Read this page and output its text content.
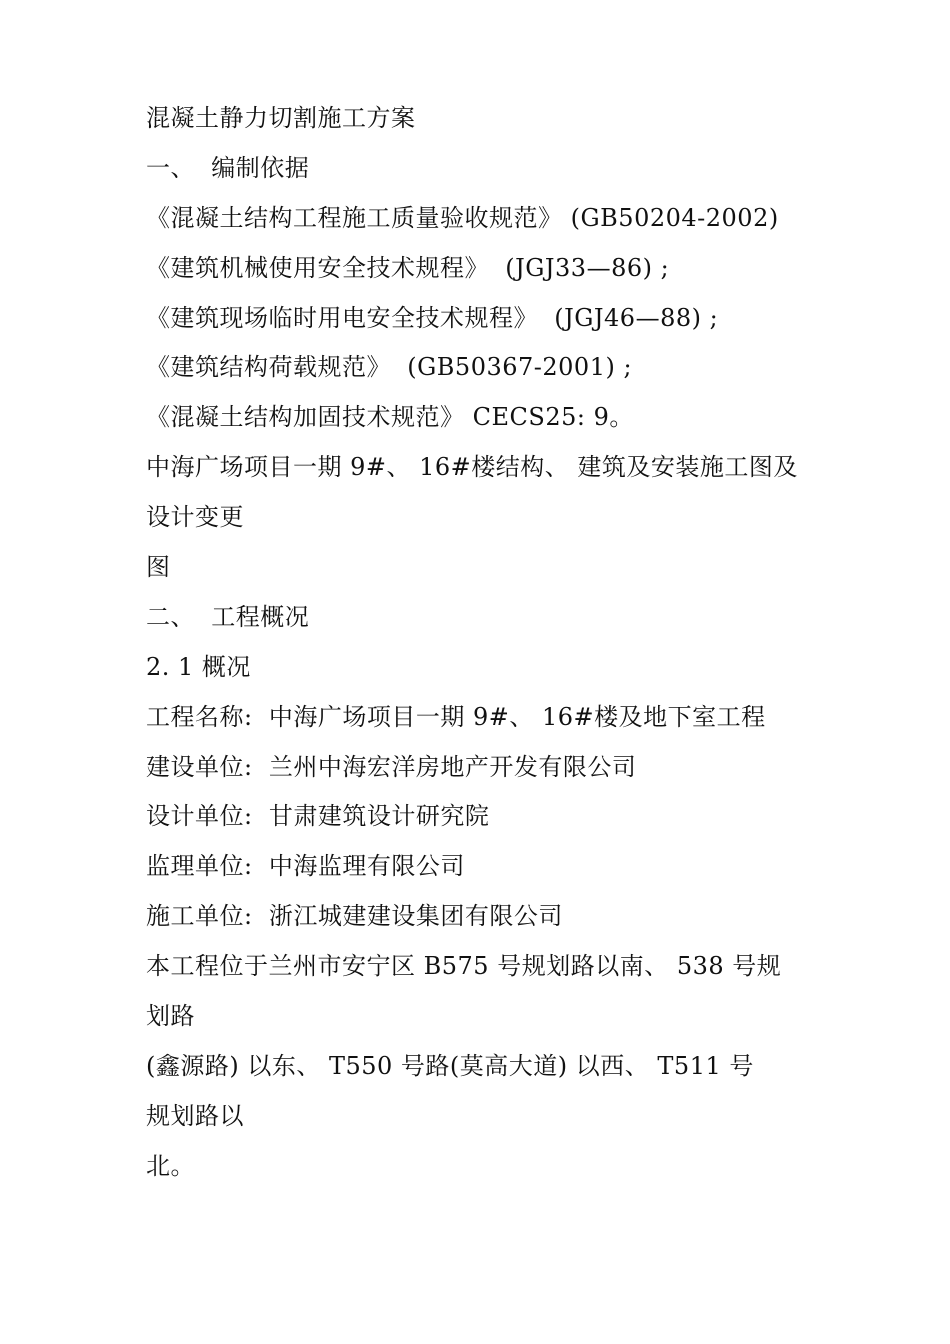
混凝土静力切割施工方案
一、  编制依据
《混凝土结构工程施工质量验收规范》 (GB50204-2002)
《建筑机械使用安全技术规程》  (JGJ33—86) ;
《建筑现场临时用电安全技术规程》  (JGJ46—88) ;
《建筑结构荷载规范》  (GB50367-2001) ;
《混凝土结构加固技术规范》 CECS25: 9。
中海广场项目一期 9#、 16#楼结构、 建筑及安装施工图及
设计变更
图
二、  工程概况
2. 1 概况
工程名称:  中海广场项目一期 9#、 16#楼及地下室工程
建设单位:  兰州中海宏洋房地产开发有限公司
设计单位:  甘肃建筑设计研究院
监理单位:  中海监理有限公司
施工单位:  浙江城建建设集团有限公司
本工程位于兰州市安宁区 B575 号规划路以南、 538 号规
划路
(鑫源路) 以东、 T550 号路(莫高大道) 以西、 T511 号
规划路以
北。
